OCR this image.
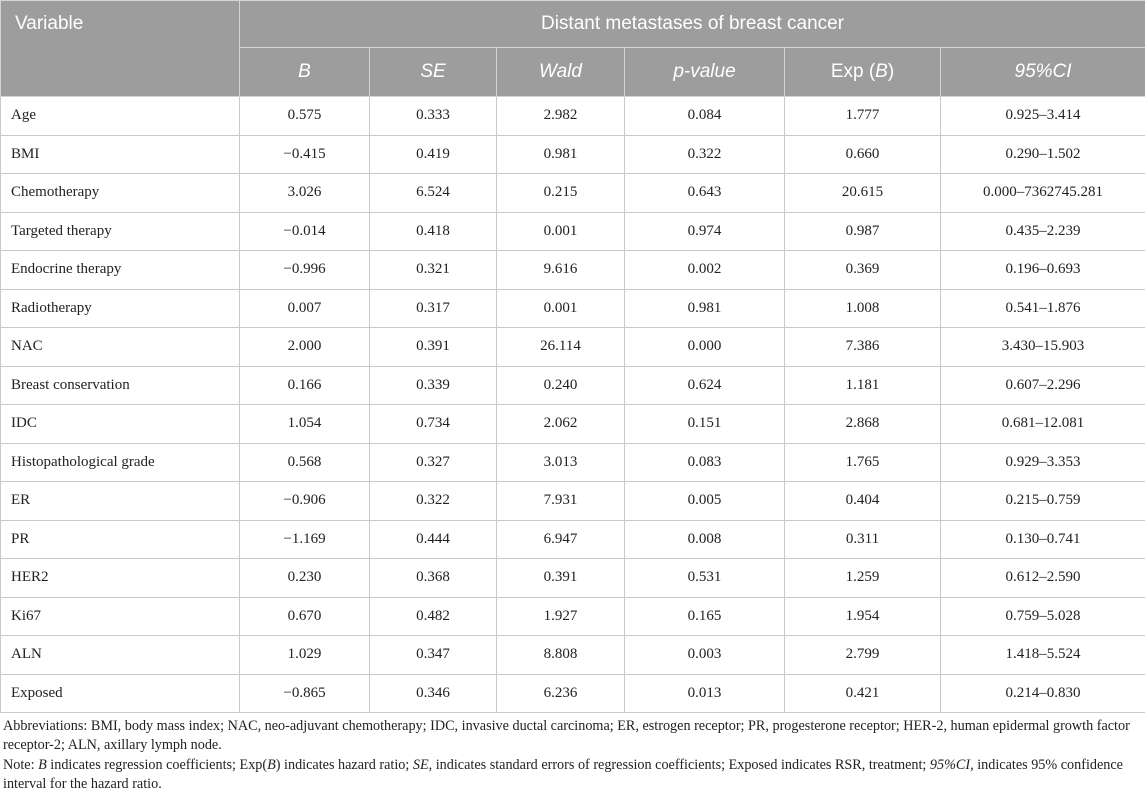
Variable	Distant metastases of breast cancer					
	B	SE	Wald	p-value	Exp (B)	95%CI
Age	0.575	0.333	2.982	0.084	1.777	0.925–3.414
BMI	−0.415	0.419	0.981	0.322	0.660	0.290–1.502
Chemotherapy	3.026	6.524	0.215	0.643	20.615	0.000–7362745.281
Targeted therapy	−0.014	0.418	0.001	0.974	0.987	0.435–2.239
Endocrine therapy	−0.996	0.321	9.616	0.002	0.369	0.196–0.693
Radiotherapy	0.007	0.317	0.001	0.981	1.008	0.541–1.876
NAC	2.000	0.391	26.114	0.000	7.386	3.430–15.903
Breast conservation	0.166	0.339	0.240	0.624	1.181	0.607–2.296
IDC	1.054	0.734	2.062	0.151	2.868	0.681–12.081
Histopathological grade	0.568	0.327	3.013	0.083	1.765	0.929–3.353
ER	−0.906	0.322	7.931	0.005	0.404	0.215–0.759
PR	−1.169	0.444	6.947	0.008	0.311	0.130–0.741
HER2	0.230	0.368	0.391	0.531	1.259	0.612–2.590
Ki67	0.670	0.482	1.927	0.165	1.954	0.759–5.028
ALN	1.029	0.347	8.808	0.003	2.799	1.418–5.524
Exposed	−0.865	0.346	6.236	0.013	0.421	0.214–0.830

Abbreviations: BMI, body mass index; NAC, neo-adjuvant chemotherapy; IDC, invasive ductal carcinoma; ER, estrogen receptor; PR, progesterone receptor; HER-2, human epidermal growth factor receptor-2; ALN, axillary lymph node.

Note: B indicates regression coefficients; Exp(B) indicates hazard ratio; SE, indicates standard errors of regression coefficients; Exposed indicates RSR, treatment; 95%CI, indicates 95% confidence interval for the hazard ratio.
